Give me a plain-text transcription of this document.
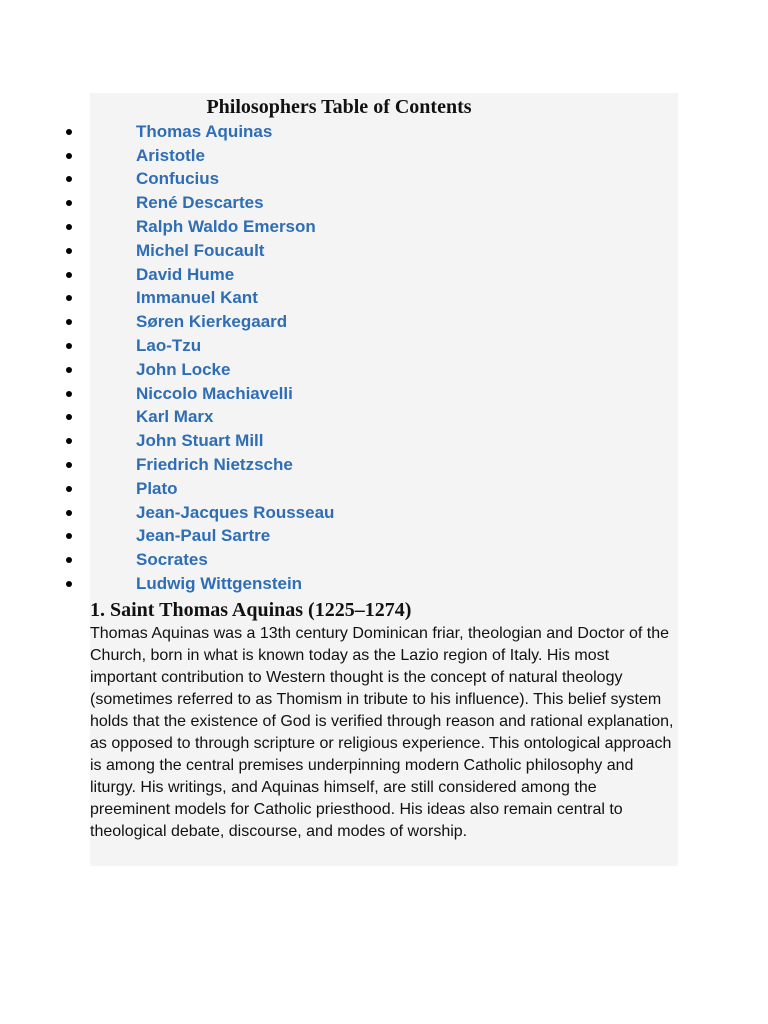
Philosophers Table of Contents
Thomas Aquinas
Aristotle
Confucius
René Descartes
Ralph Waldo Emerson
Michel Foucault
David Hume
Immanuel Kant
Søren Kierkegaard
Lao-Tzu
John Locke
Niccolo Machiavelli
Karl Marx
John Stuart Mill
Friedrich Nietzsche
Plato
Jean-Jacques Rousseau
Jean-Paul Sartre
Socrates
Ludwig Wittgenstein
1. Saint Thomas Aquinas (1225–1274)

Thomas Aquinas was a 13th century Dominican friar, theologian and Doctor of the Church, born in what is known today as the Lazio region of Italy. His most important contribution to Western thought is the concept of natural theology (sometimes referred to as Thomism in tribute to his influence). This belief system holds that the existence of God is verified through reason and rational explanation, as opposed to through scripture or religious experience. This ontological approach is among the central premises underpinning modern Catholic philosophy and liturgy. His writings, and Aquinas himself, are still considered among the preeminent models for Catholic priesthood. His ideas also remain central to theological debate, discourse, and modes of worship.
